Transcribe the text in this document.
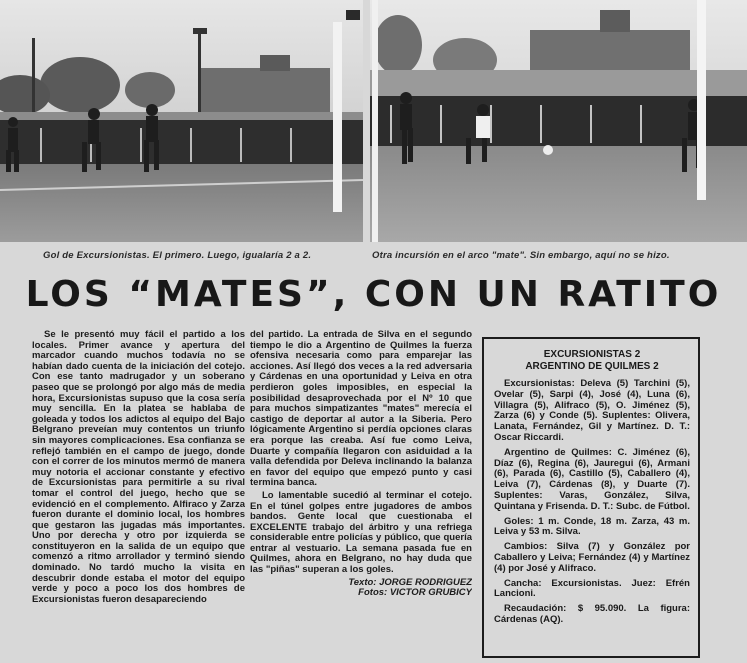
Gol de Excursionistas. El primero. Luego, igualaría 2 a 2.	Otra incursión en el arco "mate". Sin embargo, aquí no se hizo.
LOS “MATES”, CON UN RATITO

Se le presentó muy fácil el partido a los locales. Primer avance y apertura del marcador cuando muchos todavía no se habían dado cuenta de la iniciación del cotejo. Con ese tanto madrugador y un soberano paseo que se prolongó por algo más de media hora, Excursionistas supuso que la cosa sería muy sencilla. En la platea se hablaba de goleada y todos los adictos al equipo del Bajo Belgrano preveían muy contentos un triunfo sin mayores complicaciones. Esa confianza se reflejó también en el campo de juego, donde con el correr de los minutos mermó de manera muy notoria el accionar constante y efectivo de Excursionistas para permitirle a su rival tomar el control del juego, hecho que se evidenció en el complemento. Alfiraco y Zarza fueron durante el dominio local, los hombres que gestaron las jugadas más importantes. Uno por derecha y otro por izquierda se constituyeron en la salida de un equipo que comenzó a ritmo arrollador y terminó siendo dominado. No tardó mucho la visita en descubrir donde estaba el motor del equipo verde y poco a poco los dos hombres de Excursionistas fueron desapareciendo

del partido. La entrada de Silva en el segundo tiempo le dio a Argentino de Quilmes la fuerza ofensiva necesaria como para emparejar las acciones. Así llegó dos veces a la red adversaria y Cárdenas en una oportunidad y Leiva en otra perdieron goles imposibles, en especial la posibilidad desaprovechada por el Nº 10 que para muchos simpatizantes "mates" merecía el castigo de deportar al autor a la Siberia. Pero lógicamente Argentino si perdía opciones claras era porque las creaba. Así fue como Leiva, Duarte y compañía llegaron con asiduidad a la valla defendida por Deleva inclinando la balanza en favor del equipo que empezó punto y casi termina banca.

Lo lamentable sucedió al terminar el cotejo. En el túnel golpes entre jugadores de ambos bandos. Gente local que cuestionaba el EXCELENTE trabajo del árbitro y una refriega considerable entre policías y público, que quería entrar al vestuario. La semana pasada fue en Quilmes, ahora en Belgrano, no hay duda que las "piñas" superan a los goles.

Texto: JORGE RODRIGUEZ
Fotos: VICTOR GRUBICY
EXCURSIONISTAS 2
ARGENTINO DE QUILMES 2

Excursionistas: Deleva (5) Tarchini (5), Ovelar (5), Sarpi (4), José (4), Luna (6), Villagra (5), Alifraco (5), O. Jiménez (5), Zarza (6) y Conde (5). Suplentes: Olivera, Lanata, Fernández, Gil y Martínez. D. T.: Oscar Riccardi.

Argentino de Quilmes: C. Jiménez (6), Díaz (6), Regina (6), Jauregui (6), Armani (6), Parada (6), Castillo (5), Caballero (4), Leiva (7), Cárdenas (8), y Duarte (7). Suplentes: Varas, González, Silva, Quintana y Frisenda. D. T.: Subc. de Fútbol.

Goles: 1 m. Conde, 18 m. Zarza, 43 m. Leiva y 53 m. Silva.

Cambios: Silva (7) y González por Caballero y Leiva; Fernández (4) y Martínez (4) por José y Alifraco.

Cancha: Excursionistas. Juez: Efrén Lancioni.

Recaudación: $ 95.090. La figura: Cárdenas (AQ).
